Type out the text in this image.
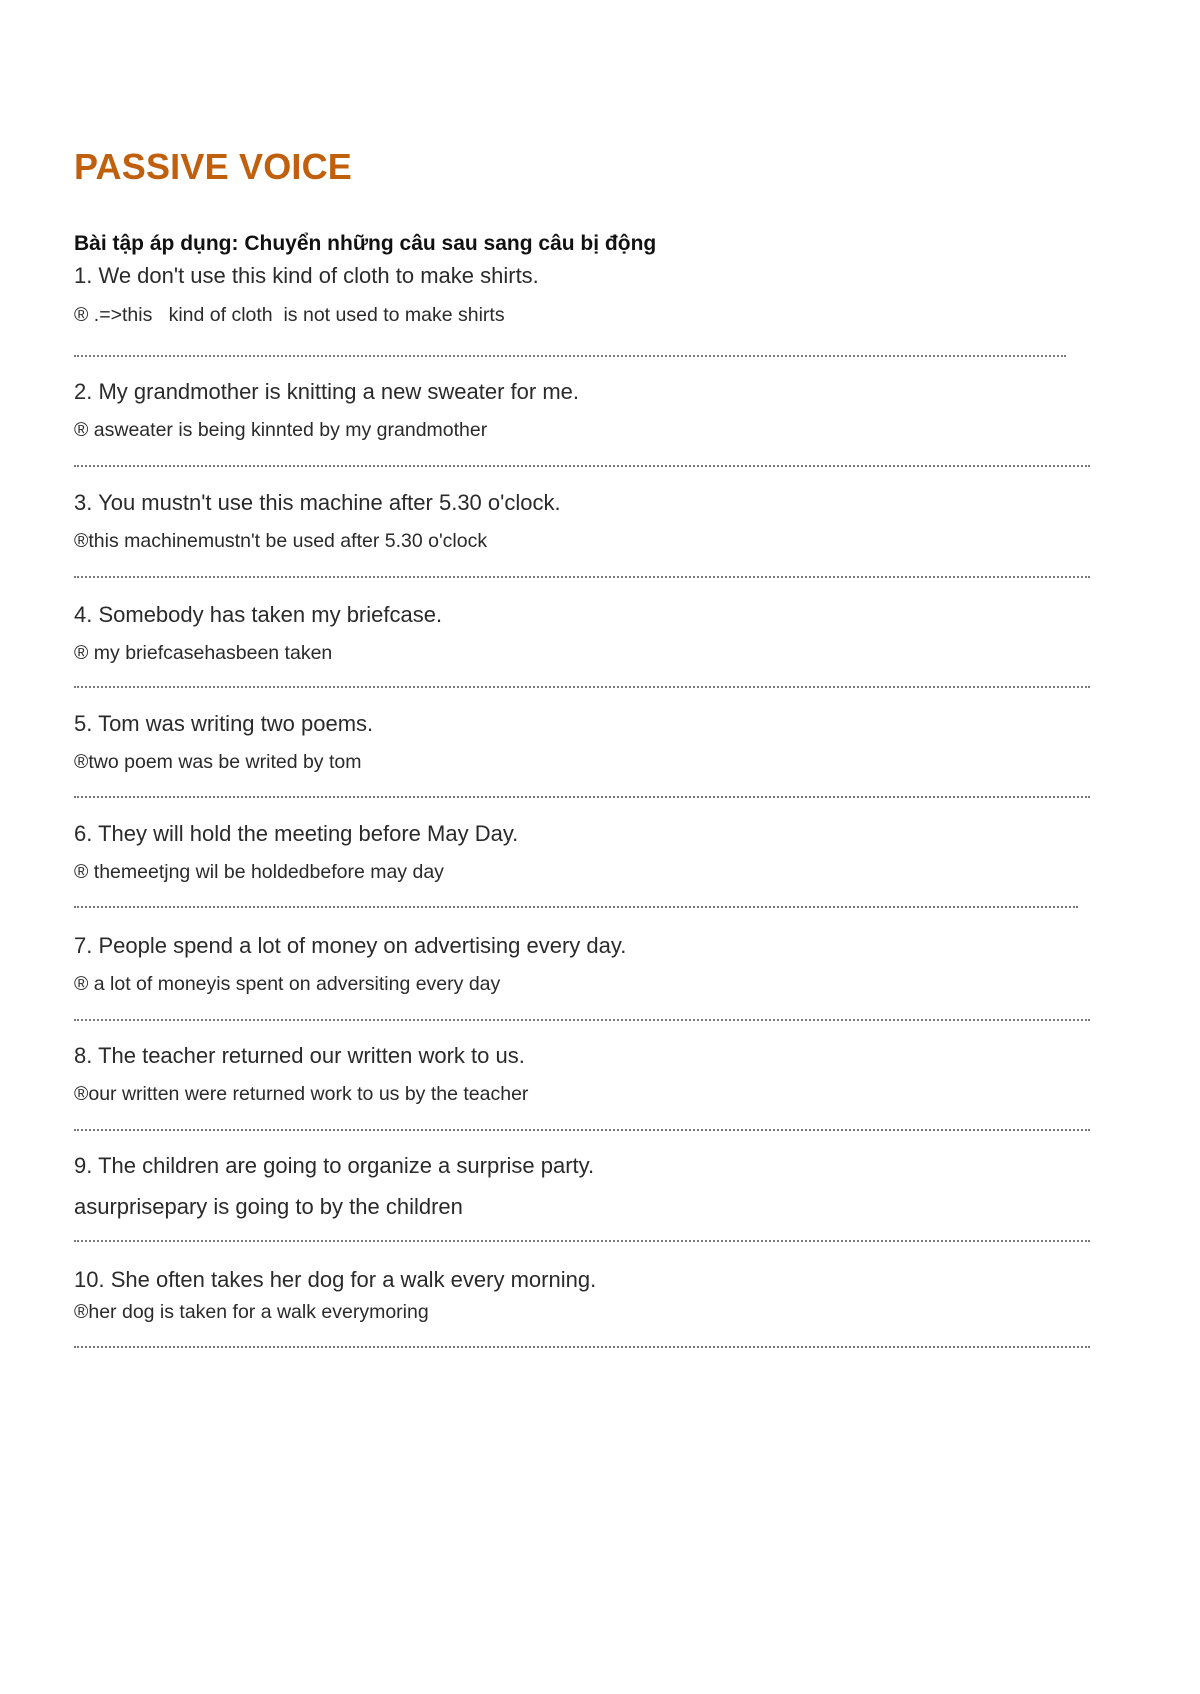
PASSIVE VOICE
Bài tập áp dụng: Chuyển những câu sau sang câu bị động
1. We don't use this kind of cloth to make shirts.
® .=>this   kind of cloth  is not used to make shirts
2. My grandmother is knitting a new sweater for me.
® asweater is being kinnted by my grandmother
3. You mustn't use this machine after 5.30 o'clock.
®this machinemustn't be used after 5.30 o'clock
4. Somebody has taken my briefcase.
® my briefcasehasbeen taken
5. Tom was writing two poems.
®two poem was be writed by tom
6. They will hold the meeting before May Day.
® themeetjng wil be holdedbefore may day
7. People spend a lot of money on advertising every day.
® a lot of moneyis spent on adversiting every day
8. The teacher returned our written work to us.
®our written were returned work to us by the teacher
9. The children are going to organize a surprise party.
asurprisepary is going to by the children
10. She often takes her dog for a walk every morning.
®her dog is taken for a walk everymoring
